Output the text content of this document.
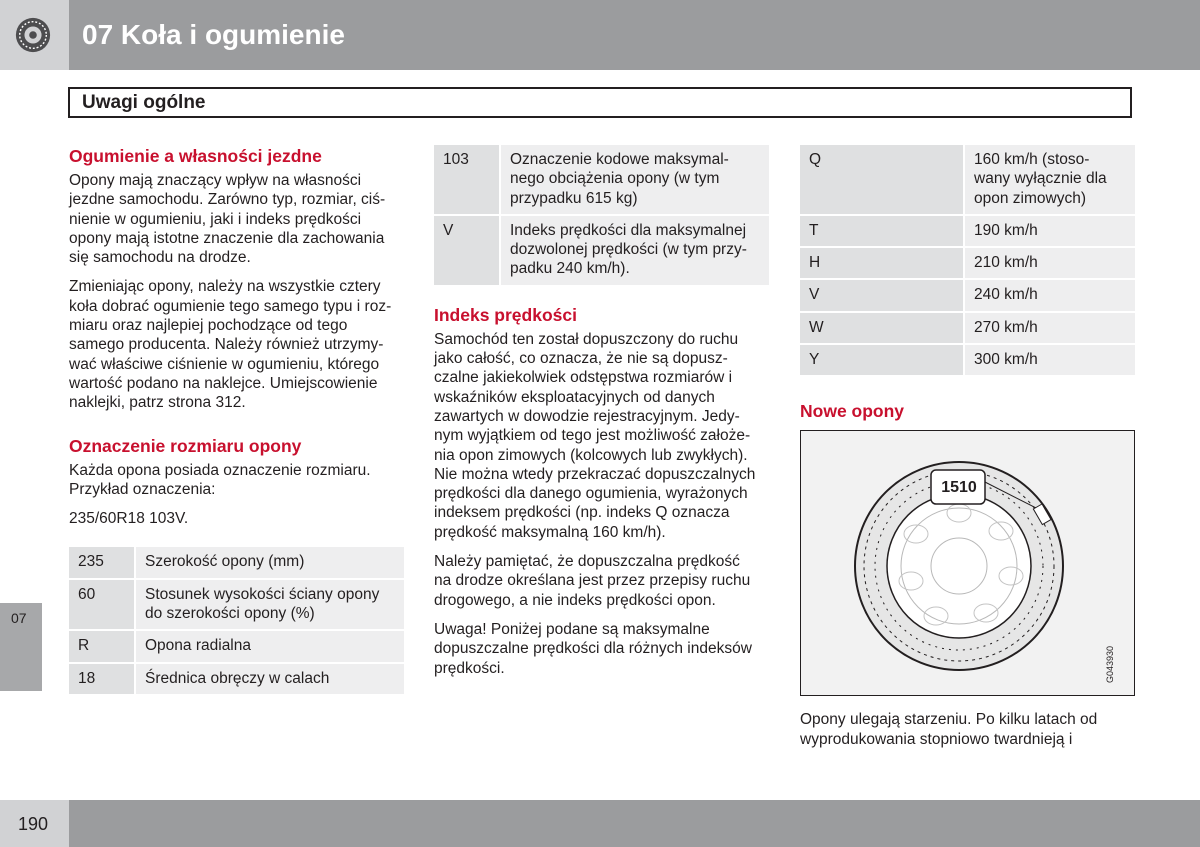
07 Koła i ogumienie
Uwagi ogólne
Ogumienie a własności jezdne

Opony mają znaczący wpływ na własności
jezdne samochodu. Zarówno typ, rozmiar, ciś-
nienie w ogumieniu, jaki i indeks prędkości
opony mają istotne znaczenie dla zachowania
się samochodu na drodze.

Zmieniając opony, należy na wszystkie cztery
koła dobrać ogumienie tego samego typu i roz-
miaru oraz najlepiej pochodzące od tego
samego producenta. Należy również utrzymy-
wać właściwe ciśnienie w ogumieniu, którego
wartość podano na naklejce. Umiejscowienie
naklejki, patrz strona 312.

Oznaczenie rozmiaru opony

Każda opona posiada oznaczenie rozmiaru.
Przykład oznaczenia:

235/60R18 103V.

235	Szerokość opony (mm)
60	Stosunek wysokości ściany opony
do szerokości opony (%)
R	Opona radialna
18	Średnica obręczy w calach
103	Oznaczenie kodowe maksymal-
nego obciążenia opony (w tym
przypadku 615 kg)
V	Indeks prędkości dla maksymalnej
dozwolonej prędkości (w tym przy-
padku 240 km/h).
Indeks prędkości

Samochód ten został dopuszczony do ruchu
jako całość, co oznacza, że nie są dopusz-
czalne jakiekolwiek odstępstwa rozmiarów i
wskaźników eksploatacyjnych od danych
zawartych w dowodzie rejestracyjnym. Jedy-
nym wyjątkiem od tego jest możliwość założe-
nia opon zimowych (kolcowych lub zwykłych).
Nie można wtedy przekraczać dopuszczalnych
prędkości dla danego ogumienia, wyrażonych
indeksem prędkości (np. indeks Q oznacza
prędkość maksymalną 160 km/h).

Należy pamiętać, że dopuszczalna prędkość
na drodze określana jest przez przepisy ruchu
drogowego, a nie indeks prędkości opon.

Uwaga! Poniżej podane są maksymalne
dopuszczalne prędkości dla różnych indeksów
prędkości.

Q	160 km/h (stoso-
wany wyłącznie dla
opon zimowych)
T	190 km/h
H	210 km/h
V	240 km/h
W	270 km/h
Y	300 km/h
Nowe opony
1510
G043930

Opony ulegają starzeniu. Po kilku latach od
wyprodukowania stopniowo twardnieją i

07
190
